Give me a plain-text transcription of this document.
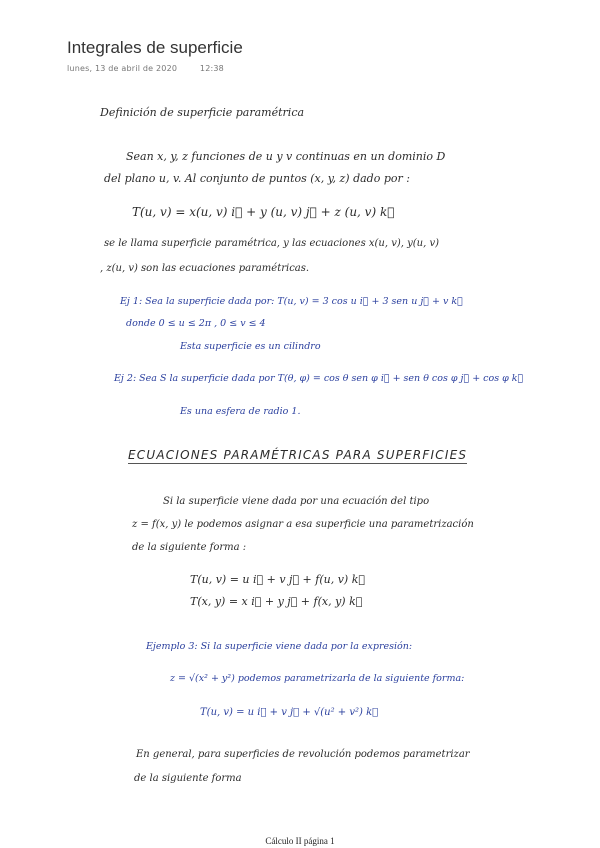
Integrales de superficie
lunes, 13 de abril de 2020	12:38
Definición de superficie paramétrica
Sean x, y, z funciones de u y v continuas en un dominio D
del plano u, v. Al conjunto de puntos (x, y, z) dado por :
T(u, v) = x(u, v) i⃗ + y (u, v) j⃗ + z (u, v) k⃗
se le llama superficie paramétrica, y las ecuaciones x(u, v), y(u, v)
, z(u, v) son las ecuaciones paramétricas.
Ej 1: Sea la superficie dada por: T(u, v) = 3 cos u i⃗ + 3 sen u j⃗ + v k⃗
donde 0 ≤ u ≤ 2π , 0 ≤ v ≤ 4
Esta superficie es un cilindro
Ej 2: Sea S la superficie dada por T(θ, φ) = cos θ sen φ i⃗ + sen θ cos φ j⃗ + cos φ k⃗
Es una esfera de radio 1.
ECUACIONES PARAMÉTRICAS PARA SUPERFICIES
Si la superficie viene dada por una ecuación del tipo
z = f(x, y) le podemos asignar a esa superficie una parametrización
de la siguiente forma :
T(u, v) = u i⃗ + v j⃗ + f(u, v) k⃗
T(x, y) = x i⃗ + y j⃗ + f(x, y) k⃗
Ejemplo 3: Si la superficie viene dada por la expresión:
z = √(x² + y²) podemos parametrizarla de la siguiente forma:
T(u, v) = u i⃗ + v j⃗ + √(u² + v²) k⃗
En general, para superficies de revolución podemos parametrizar
de la siguiente forma
Cálculo II página 1
